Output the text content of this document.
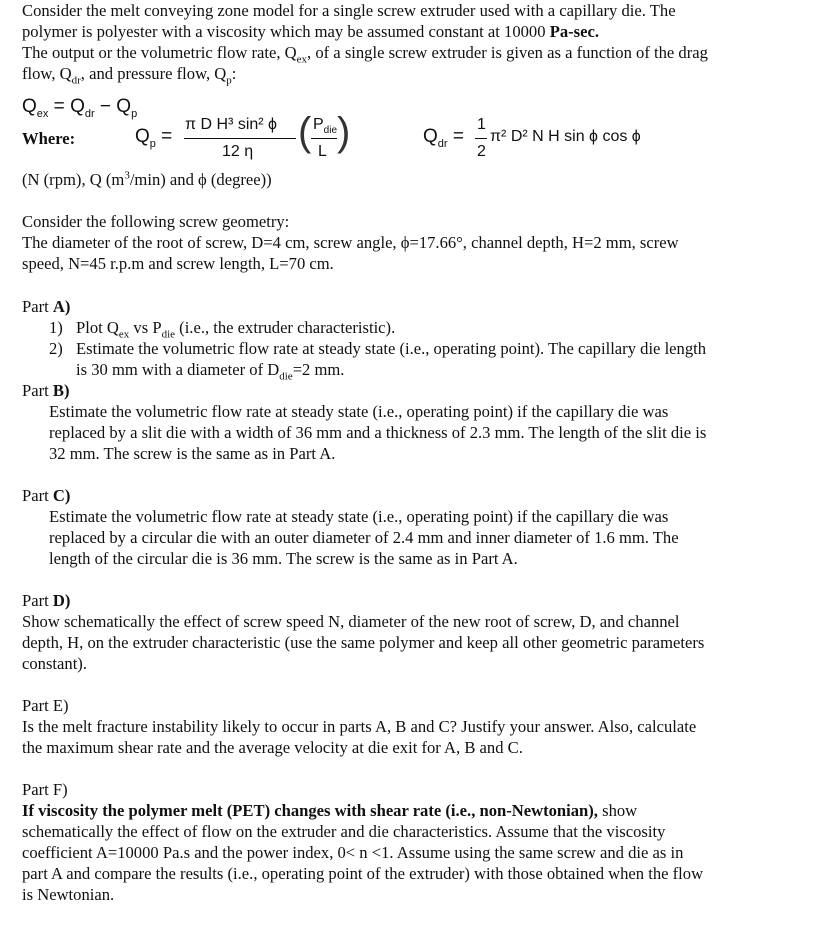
Consider the melt conveying zone model for a single screw extruder used with a capillary die. The
polymer is polyester with a viscosity which may be assumed constant at 10000 Pa-sec.
The output or the volumetric flow rate, $Q_{ex}$, of a single screw extruder is given as a function of the drag
flow, $Q_{dr}$, and pressure flow, $Q_p$:
$Q_{ex} = Q_{dr} - Q_p$
Where:	$Q_p$ =
π D H³ sin² ϕ
12 η ( $P_{die}$
L )	$Q_{dr}$ =
1
2
π² D² N H sin ϕ cos ϕ
(N (rpm), Q $(m^3/\min)$ and ϕ (degree))
Consider the following screw geometry:
The diameter of the root of screw, D=4 cm, screw angle, ϕ=17.66°, channel depth, H=2 mm, screw
speed, N=45 r.p.m and screw length, L=70 cm.
Part A)
1) Plot $Q_{ex}$ vs $P_{die}$ (i.e., the extruder characteristic).
2) Estimate the volumetric flow rate at steady state (i.e., operating point). The capillary die length
is 30 mm with a diameter of $D_{die}=2$ mm.
Part B)
Estimate the volumetric flow rate at steady state (i.e., operating point) if the capillary die was
replaced by a slit die with a width of 36 mm and a thickness of 2.3 mm. The length of the slit die is
32 mm. The screw is the same as in Part A.
Part C)
Estimate the volumetric flow rate at steady state (i.e., operating point) if the capillary die was
replaced by a circular die with an outer diameter of 2.4 mm and inner diameter of 1.6 mm. The
length of the circular die is 36 mm. The screw is the same as in Part A.
Part D)
Show schematically the effect of screw speed N, diameter of the new root of screw, D, and channel
depth, H, on the extruder characteristic (use the same polymer and keep all other geometric parameters
constant).
Part E)
Is the melt fracture instability likely to occur in parts A, B and C? Justify your answer. Also, calculate
the maximum shear rate and the average velocity at die exit for A, B and C.
Part F)
If viscosity the polymer melt (PET) changes with shear rate (i.e., non-Newtonian), show
schematically the effect of flow on the extruder and die characteristics. Assume that the viscosity
coefficient A=10000 Pa.s and the power index, 0< n <1. Assume using the same screw and die as in
part A and compare the results (i.e., operating point of the extruder) with those obtained when the flow
is Newtonian.
